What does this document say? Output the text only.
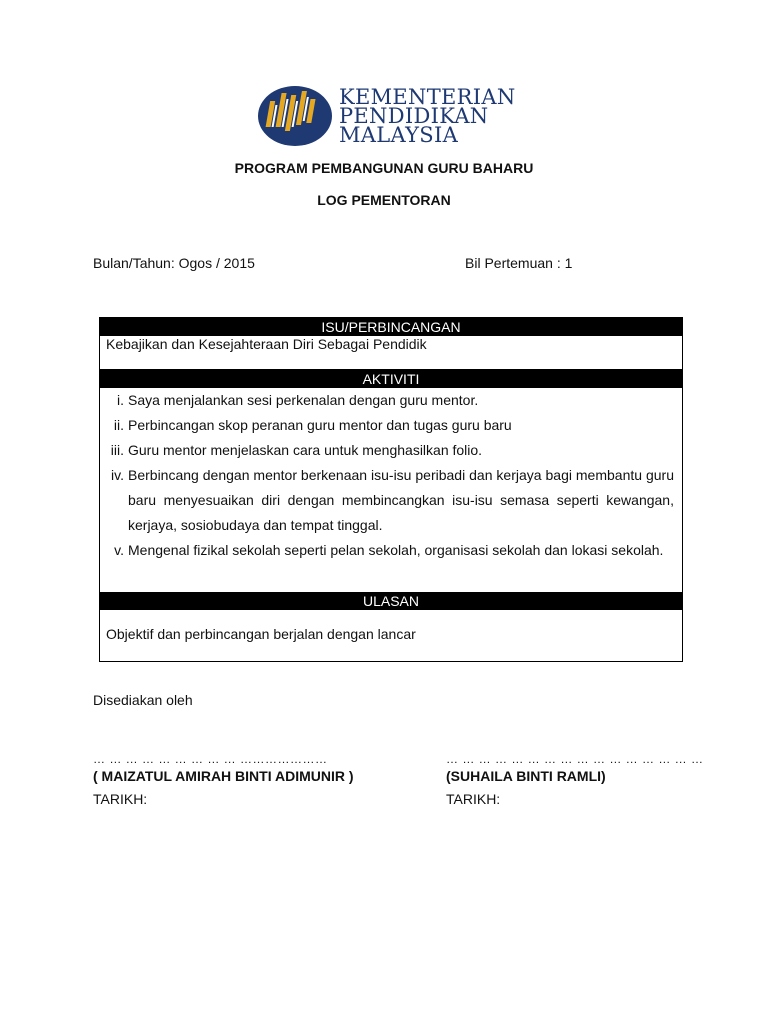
KEMENTERIAN
PENDIDIKAN
MALAYSIA
PROGRAM PEMBANGUNAN GURU BAHARU
LOG PEMENTORAN
Bulan/Tahun: Ogos / 2015	Bil Pertemuan : 1
ISU/PERBINCANGAN
Kebajikan dan Kesejahteraan Diri Sebagai Pendidik
AKTIVITI
i. Saya menjalankan sesi perkenalan dengan guru mentor.
ii. Perbincangan skop peranan guru mentor dan tugas guru baru
iii. Guru mentor menjelaskan cara untuk menghasilkan folio.
iv. Berbincang dengan mentor berkenaan isu-isu peribadi dan kerjaya bagi membantu guru baru menyesuaikan diri dengan membincangkan isu-isu semasa seperti kewangan, kerjaya, sosiobudaya dan tempat tinggal.
v. Mengenal fizikal sekolah seperti pelan sekolah, organisasi sekolah dan lokasi sekolah.
ULASAN
Objektif dan perbincangan berjalan dengan lancar
Disediakan oleh
… … … … … … … … … …………………
( MAIZATUL AMIRAH BINTI ADIMUNIR )
TARIKH:
… … … … … … … … … … … … … … … …
(SUHAILA BINTI RAMLI)
TARIKH:
